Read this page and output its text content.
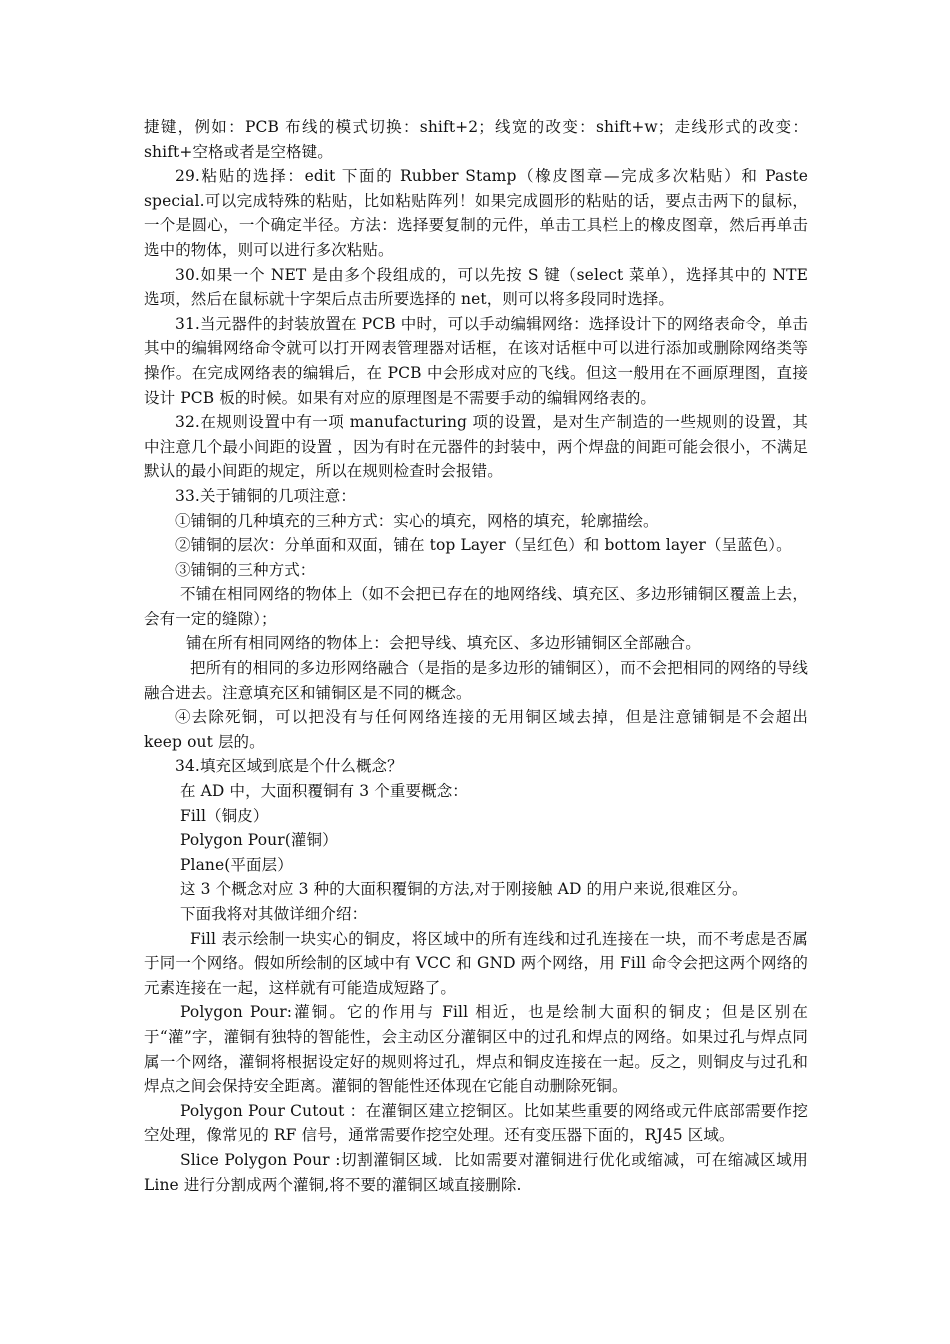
捷键，例如：PCB 布线的模式切换：shift+2；线宽的改变：shift+w；走线形式的改变：shift+空格或者是空格键。

29.粘贴的选择：edit 下面的 Rubber Stamp（橡皮图章—完成多次粘贴）和 Paste special.可以完成特殊的粘贴，比如粘贴阵列！如果完成圆形的粘贴的话，要点击两下的鼠标，一个是圆心，一个确定半径。方法：选择要复制的元件，单击工具栏上的橡皮图章，然后再单击选中的物体，则可以进行多次粘贴。

30.如果一个 NET 是由多个段组成的，可以先按 S 键（select 菜单），选择其中的 NTE 选项，然后在鼠标就十字架后点击所要选择的 net，则可以将多段同时选择。

31.当元器件的封装放置在 PCB 中时，可以手动编辑网络：选择设计下的网络表命令，单击其中的编辑网络命令就可以打开网表管理器对话框，在该对话框中可以进行添加或删除网络类等操作。在完成网络表的编辑后，在 PCB 中会形成对应的飞线。但这一般用在不画原理图，直接设计 PCB 板的时候。如果有对应的原理图是不需要手动的编辑网络表的。

32.在规则设置中有一项 manufacturing 项的设置，是对生产制造的一些规则的设置，其中注意几个最小间距的设置 ，因为有时在元器件的封装中，两个焊盘的间距可能会很小，不满足默认的最小间距的规定，所以在规则检查时会报错。

33.关于铺铜的几项注意：

①铺铜的几种填充的三种方式：实心的填充，网格的填充，轮廓描绘。

②铺铜的层次：分单面和双面，铺在 top Layer（呈红色）和 bottom layer（呈蓝色）。

③铺铜的三种方式：

不铺在相同网络的物体上（如不会把已存在的地网络线、填充区、多边形铺铜区覆盖上去，会有一定的缝隙）；

铺在所有相同网络的物体上：会把导线、填充区、多边形铺铜区全部融合。

把所有的相同的多边形网络融合（是指的是多边形的铺铜区），而不会把相同的网络的导线融合进去。注意填充区和铺铜区是不同的概念。

④去除死铜，可以把没有与任何网络连接的无用铜区域去掉，但是注意铺铜是不会超出 keep out 层的。

34.填充区域到底是个什么概念？

在 AD 中，大面积覆铜有 3 个重要概念：

Fill（铜皮）

Polygon Pour(灌铜）

Plane(平面层）

这 3 个概念对应 3 种的大面积覆铜的方法,对于刚接触 AD 的用户来说,很难区分。

下面我将对其做详细介绍：

Fill 表示绘制一块实心的铜皮，将区域中的所有连线和过孔连接在一块，而不考虑是否属于同一个网络。假如所绘制的区域中有 VCC 和 GND 两个网络，用 Fill 命令会把这两个网络的元素连接在一起，这样就有可能造成短路了。

Polygon Pour:灌铜。它的作用与 Fill 相近，也是绘制大面积的铜皮；但是区别在于“灌”字，灌铜有独特的智能性，会主动区分灌铜区中的过孔和焊点的网络。如果过孔与焊点同属一个网络，灌铜将根据设定好的规则将过孔，焊点和铜皮连接在一起。反之，则铜皮与过孔和焊点之间会保持安全距离。灌铜的智能性还体现在它能自动删除死铜。

Polygon Pour Cutout ：在灌铜区建立挖铜区。比如某些重要的网络或元件底部需要作挖空处理，像常见的 RF 信号，通常需要作挖空处理。还有变压器下面的，RJ45 区域。

Slice Polygon Pour :切割灌铜区域．比如需要对灌铜进行优化或缩减，可在缩减区域用 Line 进行分割成两个灌铜,将不要的灌铜区域直接删除.
